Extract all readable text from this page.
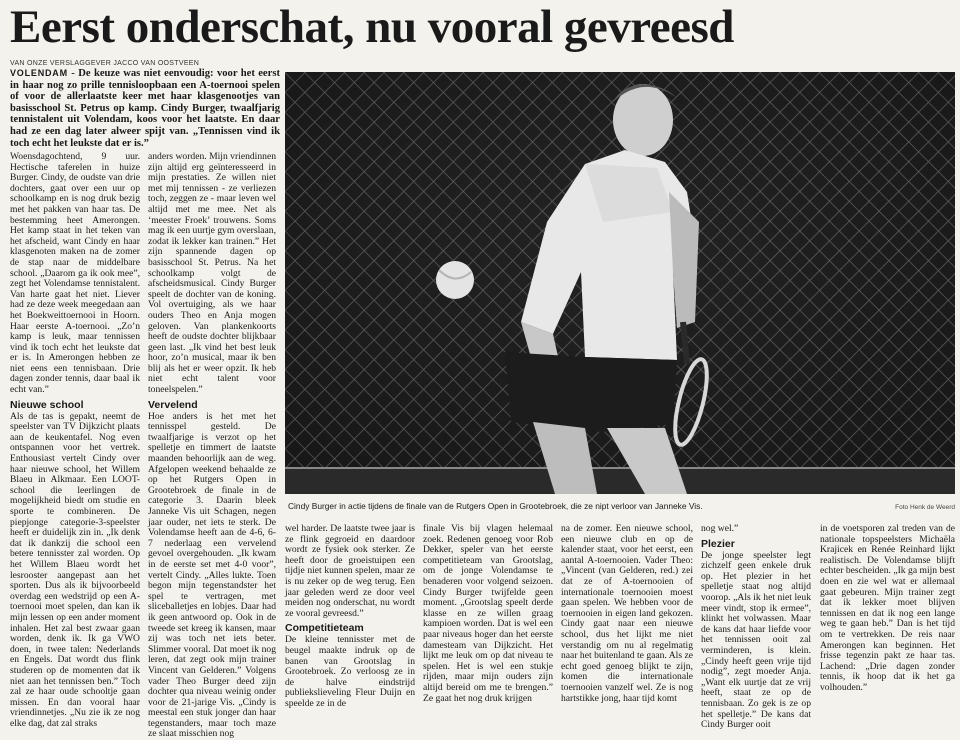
Eerst onderschat, nu vooral gevreesd
VAN ONZE VERSLAGGEVER JACCO VAN OOSTVEEN
VOLENDAM - De keuze was niet eenvoudig: voor het eerst in haar nog zo prille tennisloopbaan een A-toernooi spelen of voor de allerlaatste keer met haar klasgenootjes van basisschool St. Petrus op kamp. Cindy Burger, twaalfjarig tennistalent uit Volendam, koos voor het laatste. En daar had ze een dag later alweer spijt van. „Tennissen vind ik toch echt het leukste dat er is.”

Woensdagochtend, 9 uur. Hectische taferelen in huize Burger. Cindy, de oudste van drie dochters, gaat over een uur op schoolkamp en is nog druk bezig met het pakken van haar tas. De bestemming heet Amerongen. Het kamp staat in het teken van het afscheid, want Cindy en haar klasgenoten maken na de zomer de stap naar de middelbare school. „Daarom ga ik ook mee”, zegt het Volendamse tennistalent. Van harte gaat het niet. Liever had ze deze week meegedaan aan het Boekweittoernooi in Hoorn. Haar eerste A-toernooi. „Zo’n kamp is leuk, maar tennissen vind ik toch echt het leukste dat er is. In Amerongen hebben ze niet eens een tennisbaan. Drie dagen zonder tennis, daar baal ik echt van.”

Nieuwe school

Als de tas is gepakt, neemt de speelster van TV Dijkzicht plaats aan de keukentafel. Nog even ontspannen voor het vertrek. Enthousiast vertelt Cindy over haar nieuwe school, het Willem Blaeu in Alkmaar. Een LOOT-school die leerlingen de mogelijkheid biedt om studie en sporte te combineren. De piepjonge categorie-3-speelster heeft er duidelijk zin in. „Ik denk dat ik dankzij die school een betere tennisster zal worden. Op het Willem Blaeu wordt het lesrooster aangepast aan het sporten. Dus als ik bijvoorbeeld overdag een wedstrijd op een A-toernooi moet spelen, dan kan ik mijn lessen op een ander moment inhalen. Het zal best zwaar gaan worden, denk ik. Ik ga VWO doen, in twee talen: Nederlands en Engels. Dat wordt dus flink studeren op de momenten dat ik niet aan het tennissen ben.” Toch zal ze haar oude schooltje gaan missen. En dan vooral haar vriendinnetjes. „Nu zie ik ze nog elke dag, dat zal straks

anders worden. Mijn vriendinnen zijn altijd erg geïnteresseerd in mijn prestaties. Ze willen niet met mij tennissen - ze verliezen toch, zeggen ze - maar leven wel altijd met me mee. Net als ‘meester Froek’ trouwens. Soms mag ik een uurtje gym overslaan, zodat ik lekker kan trainen.” Het zijn spannende dagen op basisschool St. Petrus. Na het schoolkamp volgt de afscheidsmusical. Cindy Burger speelt de dochter van de koning. Vol overtuiging, als we haar ouders Theo en Anja mogen geloven. Van plankenkoorts heeft de oudste dochter blijkbaar geen last. „Ik vind het best leuk hoor, zo’n musical, maar ik ben blij als het er weer opzit. Ik heb niet echt talent voor toneelspelen.”

Vervelend

Hoe anders is het met het tennisspel gesteld. De twaalfjarige is verzot op het spelletje en timmert de laatste maanden behoorlijk aan de weg. Afgelopen weekend behaalde ze op het Rutgers Open in Grootebroek de finale in de categorie 3. Daarin bleek Janneke Vis uit Schagen, negen jaar ouder, net iets te sterk. De Volendamse heeft aan de 4-6, 6-7 nederlaag een vervelend gevoel overgehouden. „Ik kwam in de eerste set met 4-0 voor”, vertelt Cindy. „Alles lukte. Toen begon mijn tegenstandster het spel te vertragen, met sliceballetjes en lobjes. Daar had ik geen antwoord op. Ook in de tweede set kreeg ik kansen, maar zij was toch net iets beter. Slimmer vooral. Dat moet ik nog leren, dat zegt ook mijn trainer Vincent van Gelderen.” Volgens vader Theo Burger deed zijn dochter qua niveau weinig onder voor de 21-jarige Vis. „Cindy is meestal een stuk jonger dan haar tegenstanders, maar toch maze ze slaat misschien nog

Cindy Burger in actie tijdens de finale van de Rutgers Open in Grootebroek, die ze nipt verloor van Janneke Vis.	Foto Henk de Weerd

wel harder. De laatste twee jaar is ze flink gegroeid en daardoor wordt ze fysiek ook sterker. Ze heeft door de groeistuipen een tijdje niet kunnen spelen, maar ze is nu zeker op de weg terug. Een jaar geleden werd ze door veel meiden nog onderschat, nu wordt ze vooral gevreesd.”

Competitieteam

De kleine tennisster met de beugel maakte indruk op de banen van Grootslag in Grootebroek. Zo verloosg ze in de halve eindstrijd publiekslieveling Fleur Duijn en speelde ze in de

finale Vis bij vlagen helemaal zoek. Redenen genoeg voor Rob Dekker, speler van het eerste competitieteam van Grootslag, om de jonge Volendamse te benaderen voor volgend seizoen. Cindy Burger twijfelde geen moment. „Grootslag speelt derde klasse en ze willen graag kampioen worden. Dat is wel een paar niveaus hoger dan het eerste damesteam van Dijkzicht. Het lijkt me leuk om op dat niveau te spelen. Het is wel een stukje rijden, maar mijn ouders zijn altijd bereid om me te brengen.” Ze gaat het nog druk krijgen

na de zomer. Een nieuwe school, een nieuwe club en op de kalender staat, voor het eerst, een aantal A-toernooien. Vader Theo: „Vincent (van Gelderen, red.) zei dat ze of A-toernooien of internationale toernooien moest gaan spelen. We hebben voor de toernooien in eigen land gekozen. Cindy gaat naar een nieuwe school, dus het lijkt me niet verstandig om nu al regelmatig naar het buitenland te gaan. Als ze echt goed genoeg blijkt te zijn, komen die internationale toernooien vanzelf wel. Ze is nog hartstikke jong, haar tijd komt

nog wel.”

Plezier

De jonge speelster legt zichzelf geen enkele druk op. Het plezier in het spelletje staat nog altijd voorop. „Als ik het niet leuk meer vindt, stop ik ermee”, klinkt het volwassen. Maar de kans dat haar liefde voor het tennissen ooit zal verminderen, is klein. „Cindy heeft geen vrije tijd nodig”, zegt moeder Anja. „Want elk uurtje dat ze vrij heeft, staat ze op de tennisbaan. Zo gek is ze op het spelletje.” De kans dat Cindy Burger ooit

in de voetsporen zal treden van de nationale topspeelsters Michaëla Krajicek en Renée Reinhard lijkt realistisch. De Volendamse blijft echter bescheiden. „Ik ga mijn best doen en zie wel wat er allemaal gaat gebeuren. Mijn trainer zegt dat ik lekker moet blijven tennissen en dat ik nog een lange weg te gaan heb.” Dan is het tijd om te vertrekken. De reis naar Amerongen kan beginnen. Het frisse tegenzin pakt ze haar tas. Lachend: „Drie dagen zonder tennis, ik hoop dat ik het ga volhouden.”
